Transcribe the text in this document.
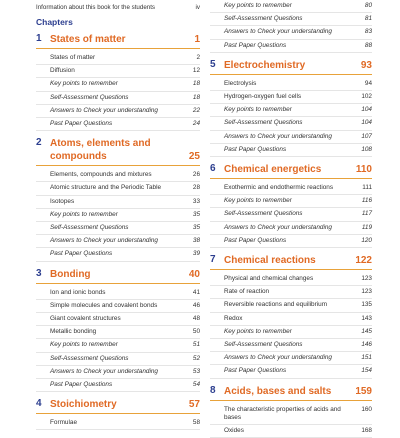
Information about this book for the students	iv
Chapters
1 States of matter	1
States of matter	2
Diffusion	12
Key points to remember	18
Self-Assessment Questions	18
Answers to Check your understanding	22
Past Paper Questions	24
2 Atoms, elements and compounds	25
Elements, compounds and mixtures	26
Atomic structure and the Periodic Table	28
Isotopes	33
Key points to remember	35
Self-Assessment Questions	35
Answers to Check your understanding	38
Past Paper Questions	39
3 Bonding	40
Ion and ionic bonds	41
Simple molecules and covalent bonds	46
Giant covalent structures	48
Metallic bonding	50
Key points to remember	51
Self-Assessment Questions	52
Answers to Check your understanding	53
Past Paper Questions	54
4 Stoichiometry	57
Formulae	58
Key points to remember	80
Self-Assessment Questions	81
Answers to Check your understanding	83
Past Paper Questions	88
5 Electrochemistry	93
Electrolysis	94
Hydrogen-oxygen fuel cells	102
Key points to remember	104
Self-Assessment Questions	104
Answers to Check your understanding	107
Past Paper Questions	108
6 Chemical energetics	110
Exothermic and endothermic reactions	111
Key points to remember	116
Self-Assessment Questions	117
Answers to Check your understanding	119
Past Paper Questions	120
7 Chemical reactions	122
Physical and chemical changes	123
Rate of reaction	123
Reversible reactions and equilibrium	135
Redox	143
Key points to remember	145
Self-Assessment Questions	146
Answers to Check your understanding	151
Past Paper Questions	154
8 Acids, bases and salts	159
The characteristic properties of acids and bases
160
Oxides	168
